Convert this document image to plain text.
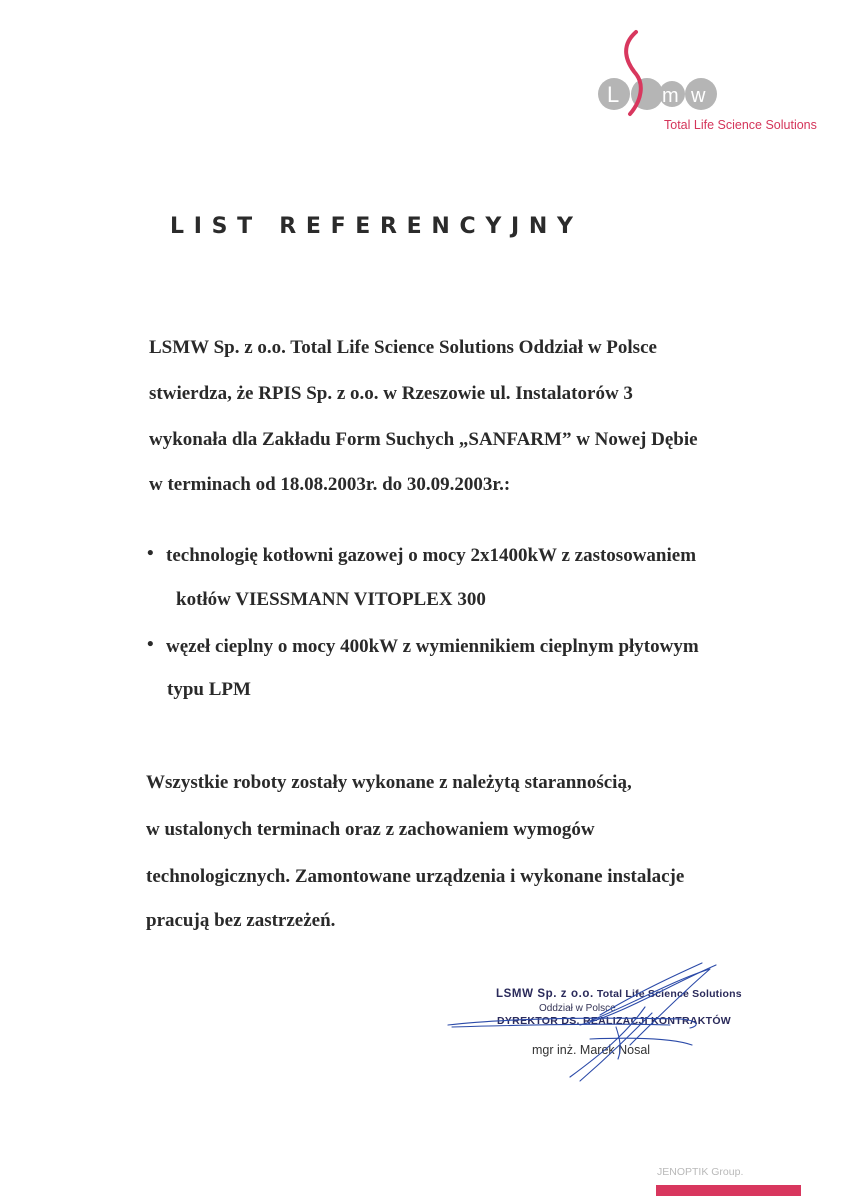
L m w
Total Life Science Solutions
LIST REFERENCYJNY
LSMW Sp. z o.o. Total Life Science Solutions Oddział w Polsce
stwierdza, że RPIS Sp. z o.o. w Rzeszowie ul. Instalatorów 3
wykonała dla Zakładu Form Suchych „SANFARM” w Nowej Dębie
w terminach od 18.08.2003r. do 30.09.2003r.:
• technologię kotłowni gazowej o mocy 2x1400kW z zastosowaniem
kotłów VIESSMANN VITOPLEX 300
• węzeł cieplny o mocy 400kW z wymiennikiem cieplnym płytowym
typu LPM
Wszystkie roboty zostały wykonane z należytą starannością,
w ustalonych terminach oraz z zachowaniem wymogów
technologicznych. Zamontowane urządzenia i wykonane instalacje
pracują bez zastrzeżeń.
LSMW Sp. z o.o. Total Life Science Solutions
Oddział w Polsce
DYREKTOR DS. REALIZACJI KONTRAKTÓW
mgr inż. Marek Nosal
JENOPTIK Group.
